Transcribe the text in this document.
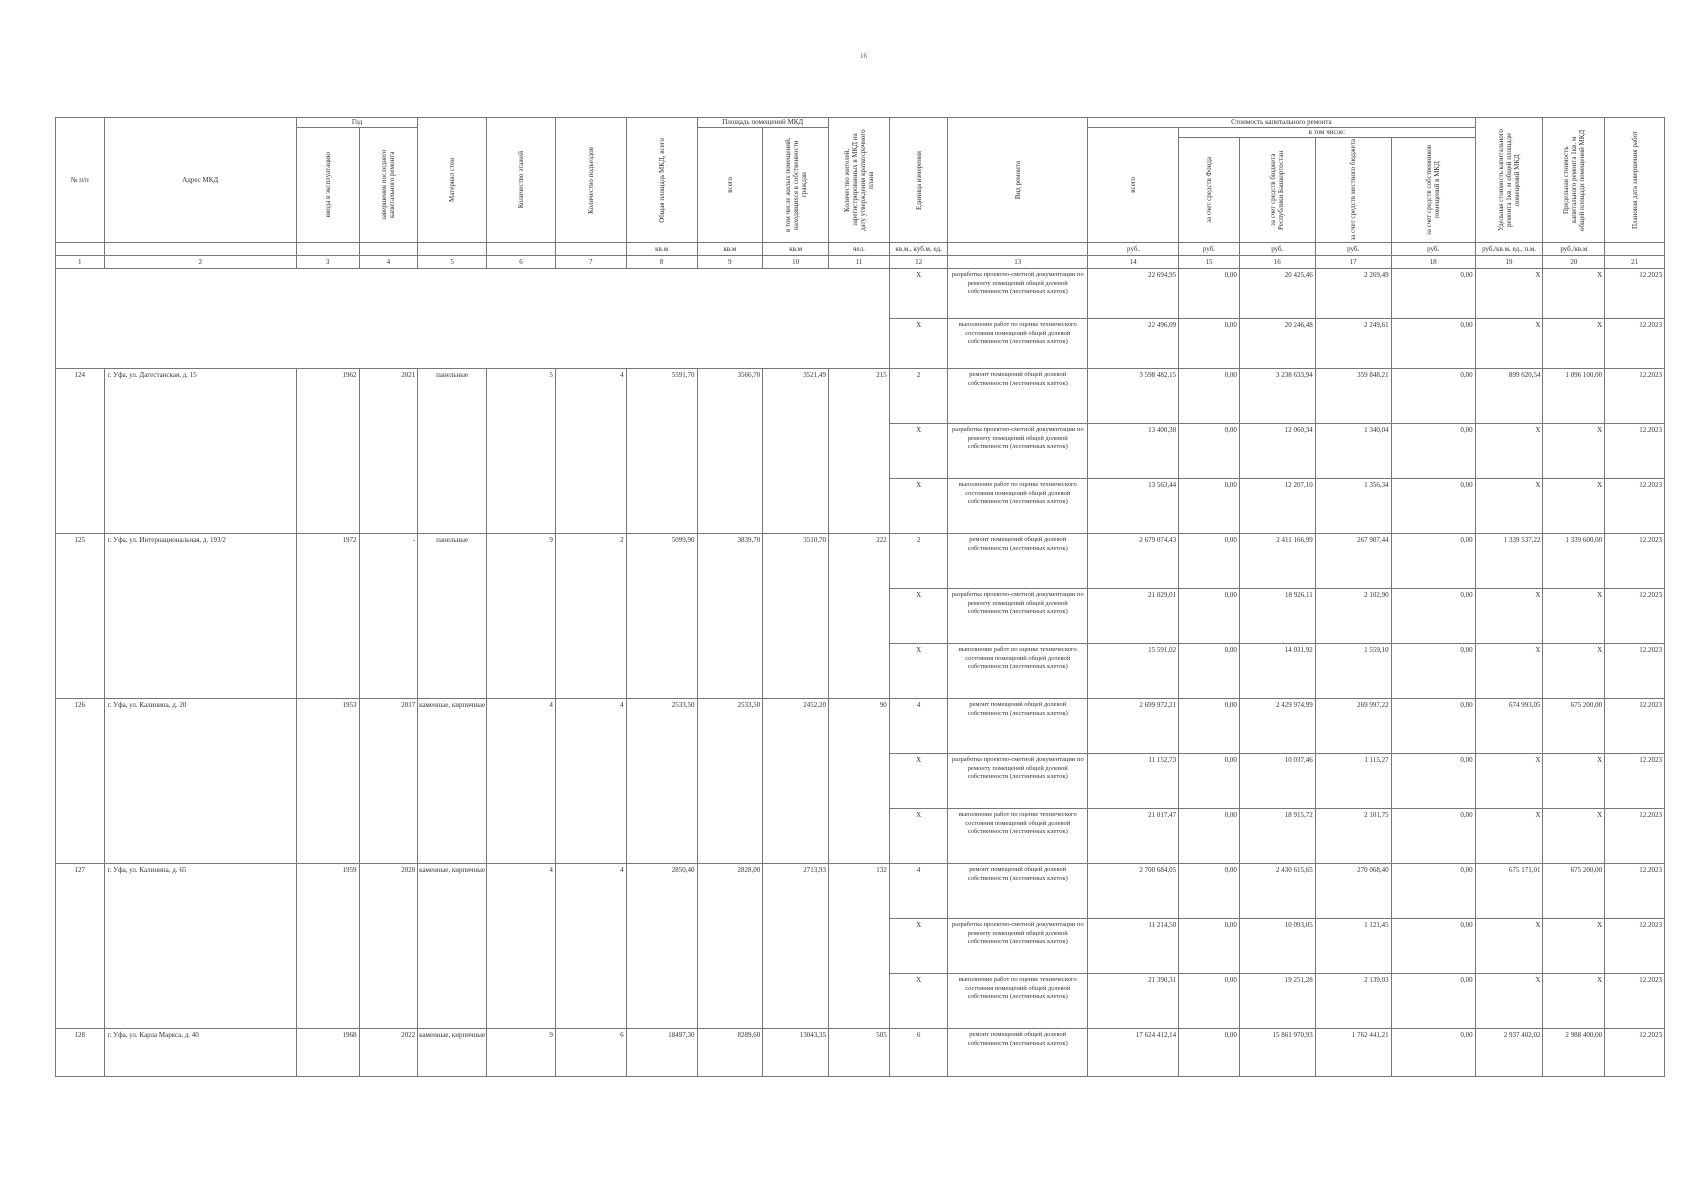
16
№ п/п	Адрес МКД	Год		Материал стен	Количество этажей	Количество подъездов	Общая площадь МКД, всего	Площадь помещений МКД		Количество жителей, зарегистрированных в МКД на дату утверждения краткосрочного плана	Единица измерения	Вид ремонта	Стоимость капитального ремонта					Удельная стоимость капитального ремонта 1кв. м общей площади помещений МКД	Предельная стоимость капитального ремонта 1кв. м общей площади помещений МКД	Плановая дата завершения работ

		ввода в эксплуатацию	завершения последнего капитального ремонта					всего	в том числе жилых помещений, находящихся в собственности граждан				всего	в том числе:						

														за счет средств Фонда	за счет средств бюджета Республики Башкортостан	за счет средств местного бюджета	за счет средств собственников помещений в МКД			

							кв.м	кв.м	кв.м	чел.	кв.м., куб.м, ед.		руб.	руб.	руб.	руб.	руб.	руб./кв.м, ед., п.м.	руб./кв.м	
1	2	3	4	5	6	7	8	9	10	11	12	13	14	15	16	17	18	19	20	21
											Х	разработка проектно-сметной документации по ремонту помещений общей долевой собственности (лестничных клеток)	22 694,95	0,00	20 425,46	2 269,49	0,00	Х	Х	12.2023
											Х	выполнение работ по оценке технического состояния помещений общей долевой собственности (лестничных клеток)	22 496,09	0,00	20 246,48	2 249,61	0,00	Х	Х	12.2023
124	г. Уфа, ул. Дагестанская, д. 15	1962	2021	панельные	5	4	5591,70	3566,70	3521,49	215	2	ремонт помещений общей долевой собственности (лестничных клеток)	3 598 482,15	0,00	3 238 633,94	359 848,21	0,00	899 620,54	1 096 100,00	12.2023
											Х	разработка проектно-сметной документации по ремонту помещений общей долевой собственности (лестничных клеток)	13 400,38	0,00	12 060,34	1 340,04	0,00	Х	Х	12.2023
											Х	выполнение работ по оценке технического состояния помещений общей долевой собственности (лестничных клеток)	13 563,44	0,00	12 207,10	1 356,34	0,00	Х	Х	12.2023
125	г. Уфа, ул. Интернациональная, д. 193/2	1972	-	панельные	9	2	5099,90	3839,70	3510,70	222	2	ремонт помещений общей долевой собственности (лестничных клеток)	2 679 074,43	0,00	2 411 166,99	267 907,44	0,00	1 339 537,22	1 339 600,00	12.2023
											Х	разработка проектно-сметной документации по ремонту помещений общей долевой собственности (лестничных клеток)	21 029,01	0,00	18 926,11	2 102,90	0,00	Х	Х	12.2023
											Х	выполнение работ по оценке технического состояния помещений общей долевой собственности (лестничных клеток)	15 591,02	0,00	14 031,92	1 559,10	0,00	Х	Х	12.2023
126	г. Уфа, ул. Калинина, д. 20	1953	2017	каменные, кирпичные	4	4	2533,50	2533,50	2452,20	90	4	ремонт помещений общей долевой собственности (лестничных клеток)	2 699 972,21	0,00	2 429 974,99	269 997,22	0,00	674 993,05	675 200,00	12.2023
											Х	разработка проектно-сметной документации по ремонту помещений общей долевой собственности (лестничных клеток)	11 152,73	0,00	10 037,46	1 115,27	0,00	Х	Х	12.2023
											Х	выполнение работ по оценке технического состояния помещений общей долевой собственности (лестничных клеток)	21 017,47	0,00	18 915,72	2 101,75	0,00	Х	Х	12.2023
127	г. Уфа, ул. Калинина, д. 65	1959	2020	каменные, кирпичные	4	4	2850,40	2828,00	2713,93	132	4	ремонт помещений общей долевой собственности (лестничных клеток)	2 700 684,05	0,00	2 430 615,65	270 068,40	0,00	675 171,01	675 200,00	12.2023
											Х	разработка проектно-сметной документации по ремонту помещений общей долевой собственности (лестничных клеток)	11 214,50	0,00	10 093,05	1 121,45	0,00	Х	Х	12.2023
											Х	выполнение работ по оценке технического состояния помещений общей долевой собственности (лестничных клеток)	21 390,31	0,00	19 251,28	2 139,03	0,00	Х	Х	12.2023
128	г. Уфа, ул. Карла Маркса, д. 40	1968	2022	каменные, кирпичные	9	6	18497,30	8289,60	13043,35	505	6	ремонт помещений общей долевой собственности (лестничных клеток)	17 624 412,14	0,00	15 861 970,93	1 762 441,21	0,00	2 937 402,02	2 988 400,00	12.2023
